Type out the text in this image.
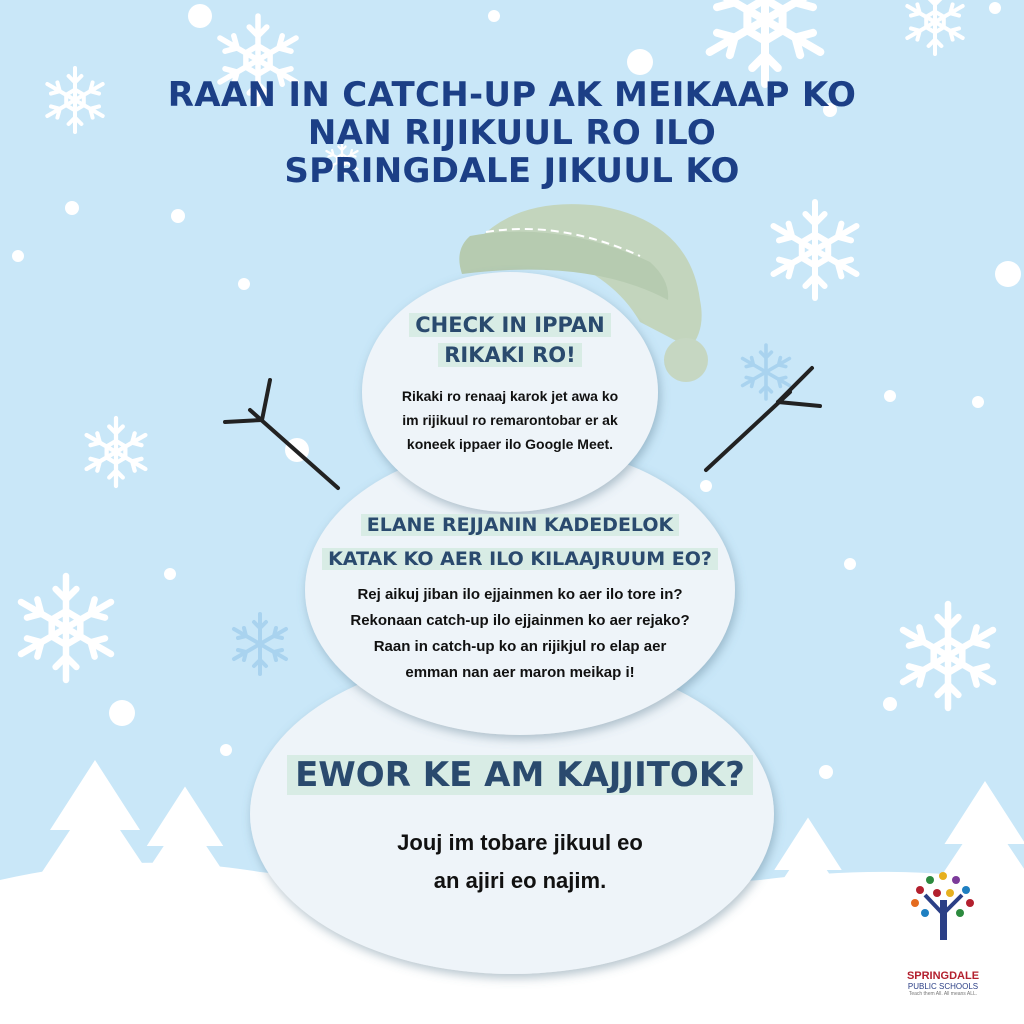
RAAN IN CATCH-UP AK MEIKAAP KO
NAN RIJIKUUL RO ILO
SPRINGDALE JIKUUL KO
CHECK IN IPPAN
RIKAKI RO!
Rikaki ro renaaj karok jet awa ko
im rijikuul ro remarontobar er ak
koneek ippaer ilo Google Meet.
ELANE REJJANIN KADEDELOK
KATAK KO AER ILO KILAAJRUUM EO?
Rej aikuj jiban ilo ejjainmen ko aer ilo tore in?
Rekonaan catch-up ilo ejjainmen ko aer rejako?
Raan in catch-up ko an rijikjul ro elap aer
emman nan aer maron meikap i!
EWOR KE AM KAJJITOK?
Jouj im tobare jikuul eo
an ajiri eo najim.
SPRINGDALE
PUBLIC SCHOOLS
Teach them All. All means ALL.
